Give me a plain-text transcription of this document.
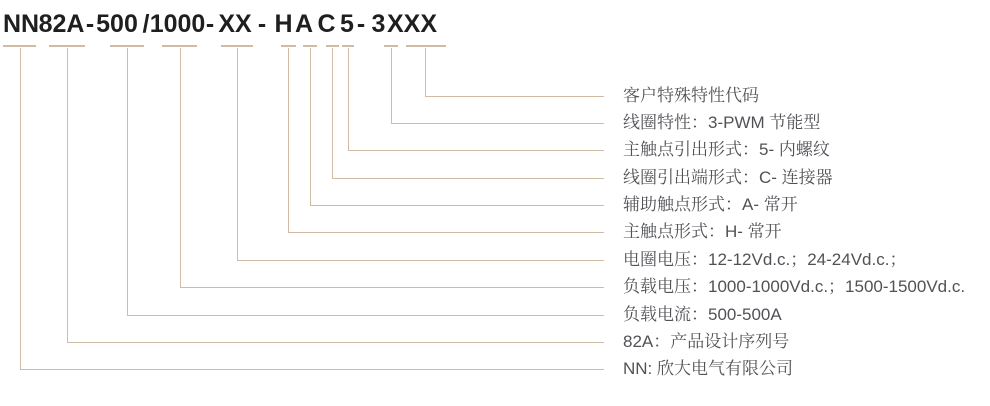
NN 82A - 500 / 1000 - XX - H A C 5 - 3 XXX
客户特殊特性代码
线圈特性：3-PWM 节能型
主触点引出形式：5- 内螺纹
线圈引出端形式：C- 连接器
辅助触点形式：A- 常开
主触点形式：H- 常开
电圈电压：12-12Vd.c.；24-24Vd.c.；
负载电压：1000-1000Vd.c.；1500-1500Vd.c.
负载电流：500-500A
82A：产品设计序列号
NN: 欣大电气有限公司
